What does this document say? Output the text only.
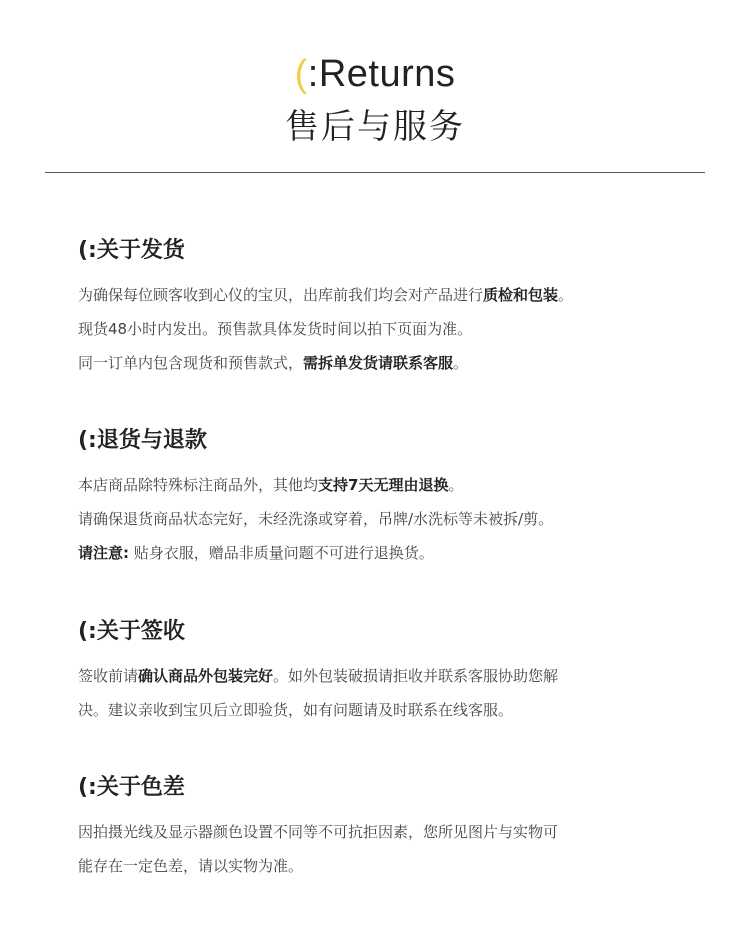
(:Returns
售后与服务
(:关于发货

为确保每位顾客收到心仪的宝贝，出库前我们均会对产品进行质检和包装。

现货48小时内发出。预售款具体发货时间以拍下页面为准。

同一订单内包含现货和预售款式，需拆单发货请联系客服。

(:退货与退款

本店商品除特殊标注商品外，其他均支持7天无理由退换。

请确保退货商品状态完好，未经洗涤或穿着，吊牌/水洗标等未被拆/剪。

请注意: 贴身衣服，赠品非质量问题不可进行退换货。

(:关于签收

签收前请确认商品外包装完好。如外包装破损请拒收并联系客服协助您解

决。建议亲收到宝贝后立即验货，如有问题请及时联系在线客服。

(:关于色差

因拍摄光线及显示器颜色设置不同等不可抗拒因素，您所见图片与实物可

能存在一定色差，请以实物为准。
